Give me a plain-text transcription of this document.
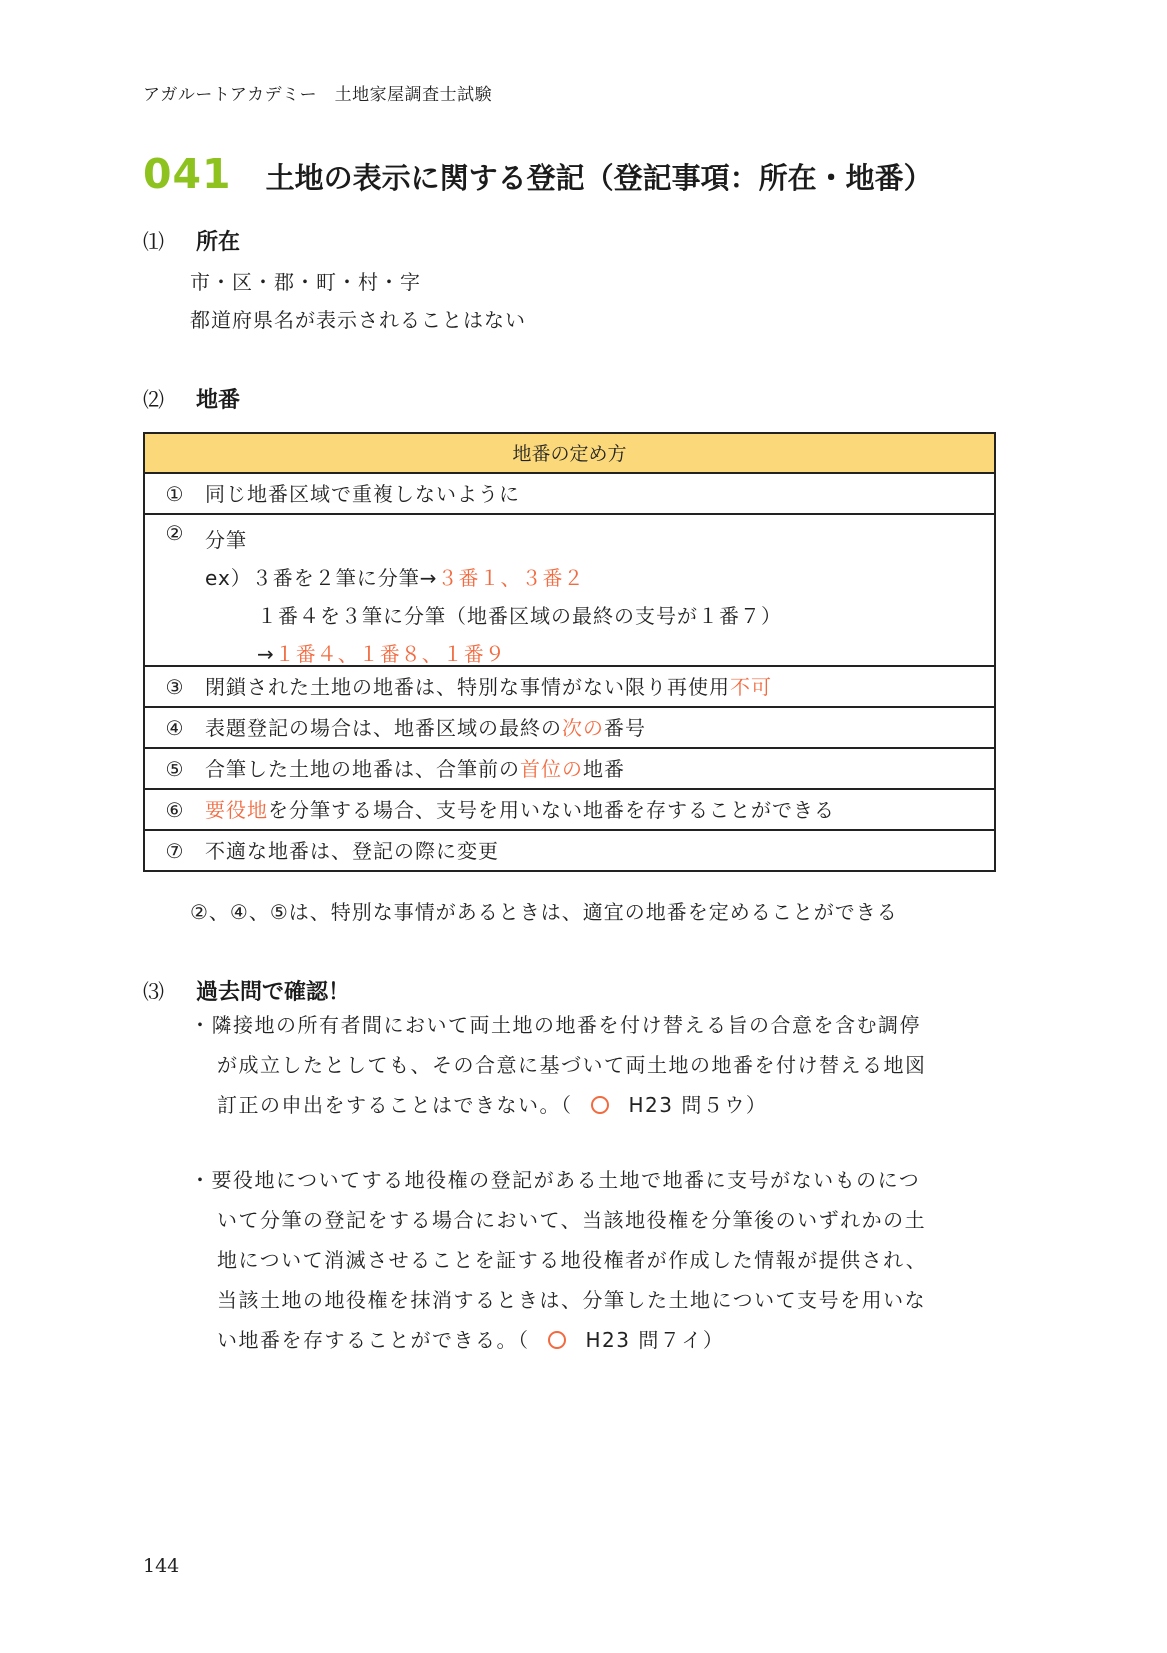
アガルートアカデミー　土地家屋調査士試験
041 土地の表示に関する登記（登記事項：所在・地番）
⑴ 所在
市・区・郡・町・村・字
都道府県名が表示されることはない
⑵ 地番
地番の定め方
①	同じ地番区域で重複しないように
②	分筆
ex）３番を２筆に分筆→３番１、３番２
１番４を３筆に分筆（地番区域の最終の支号が１番７）
→１番４、１番８、１番９
③	閉鎖された土地の地番は、特別な事情がない限り再使用不可
④	表題登記の場合は、地番区域の最終の次の番号
⑤	合筆した土地の地番は、合筆前の首位の地番
⑥	要役地を分筆する場合、支号を用いない地番を存することができる
⑦	不適な地番は、登記の際に変更
②、④、⑤は、特別な事情があるときは、適宜の地番を定めることができる
⑶ 過去問で確認！
・隣接地の所有者間において両土地の地番を付け替える旨の合意を含む調停
が成立したとしても、その合意に基づいて両土地の地番を付け替える地図
訂正の申出をすることはできない。（	H23 問５ウ）
・要役地についてする地役権の登記がある土地で地番に支号がないものにつ
いて分筆の登記をする場合において、当該地役権を分筆後のいずれかの土
地について消滅させることを証する地役権者が作成した情報が提供され、
当該土地の地役権を抹消するときは、分筆した土地について支号を用いな
い地番を存することができる。（	H23 問７イ）
144
